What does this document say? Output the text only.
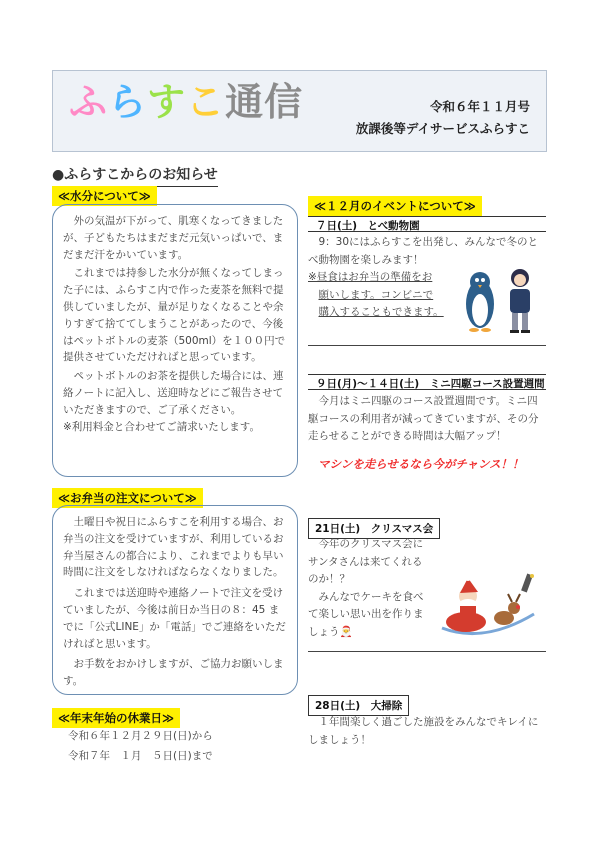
ふらすこ通信	令和６年１１月号
放課後等デイサービスふらすこ
●ふらすこからのお知らせ
≪水分について≫

外の気温が下がって、肌寒くなってきましたが、子どもたちはまだまだ元気いっぱいで、まだまだ汗をかいています。

これまでは持参した水分が無くなってしまった子には、ふらすこ内で作った麦茶を無料で提供していましたが、量が足りなくなることや余りすぎて捨ててしまうことがあったので、今後はペットボトルの麦茶（500ml）を１００円で提供させていただければと思っています。

ペットボトルのお茶を提供した場合には、連絡ノートに記入し、送迎時などにご報告させていただきますので、ご了承ください。

※利用料金と合わせてご請求いたします。

≪お弁当の注文について≫

土曜日や祝日にふらすこを利用する場合、お弁当の注文を受けていますが、利用しているお弁当屋さんの都合により、これまでよりも早い時間に注文をしなければならなくなりました。

これまでは送迎時や連絡ノートで注文を受けていましたが、今後は前日か当日の８：45 までに「公式LINE」か「電話」でご連絡をいただければと思います。

お手数をおかけしますが、ご協力お願いします。

≪年末年始の休業日≫
令和６年１２月２９日(日)から
令和７年　１月　５日(日)まで
≪１２月のイベントについて≫
７日(土)　とべ動物園

9：30にはふらすこを出発し、みんなで冬のとべ動物園を楽しみます！

※昼食はお弁当の準備をお

願いします。コンビニで

購入することもできます。

９日(月)～１４日(土)　ミニ四駆コース設置週間
今月はミニ四駆のコース設置週間です。ミニ四駆コースの利用者が減ってきていますが、その分走らせることができる時間は大幅アップ！
マシンを走らせるなら今がチャンス！！
21日(土)　クリスマス会

今年のクリスマス会にサンタさんは来てくれるのか！？

みんなでケーキを食べて楽しい思い出を作りましょう🎅

28日(土)　大掃除
１年間楽しく過ごした施設をみんなでキレイにしましょう！
